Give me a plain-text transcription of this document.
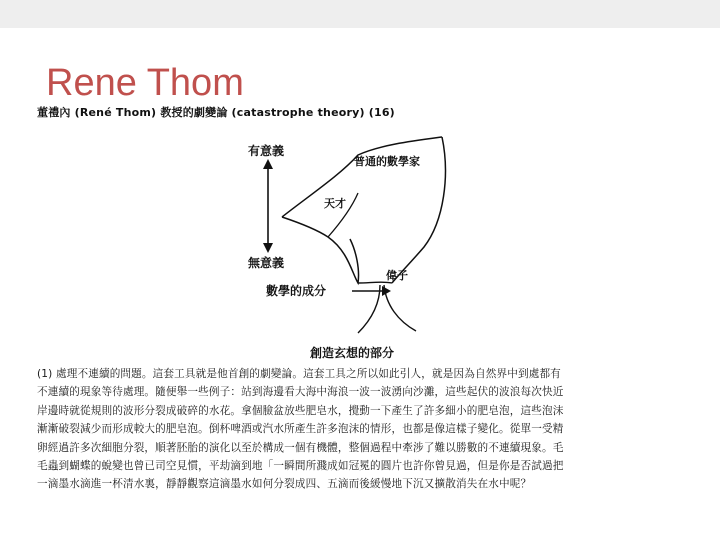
Rene Thom
董禮內 (René Thom) 教授的劇變論 (catastrophe theory) (16)
有意義
無意義
普通的數學家
天才
偉子
數學的成分
創造玄想的部分
(1) 處理不連續的問題。這套工具就是他首創的劇變論。這套工具之所以如此引人，就是因為自然界中到處都有
不連續的現象等待處理。隨便舉一些例子：站到海邊看大海中海浪一波一波湧向沙灘，這些起伏的波浪每次快近
岸邊時就從規則的波形分裂成破碎的水花。拿個臉盆放些肥皂水，攪動一下產生了許多細小的肥皂泡，這些泡沫
漸漸破裂減少而形成較大的肥皂泡。倒杯啤酒或汽水所產生許多泡沫的情形，也都是像這樣子變化。從單一受精
卵經過許多次細胞分裂，順著胚胎的演化以至於構成一個有機體，整個過程中牽涉了難以勝數的不連續現象。毛
毛蟲到蝴蝶的蛻變也曾已司空見慣，平劫滴到地「一瞬間所濺成如冠冕的圓片也許你曾見過，但是你是否試過把
一滴墨水滴進一杯清水裏，靜靜觀察這滴墨水如何分裂成四、五滴而後緩慢地下沉又擴散消失在水中呢？
